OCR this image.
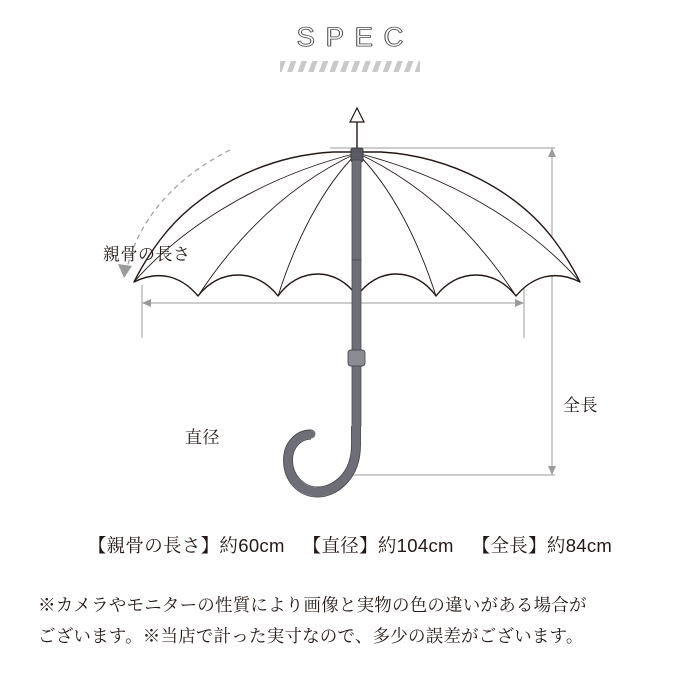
SPEC
親骨の長さ
直径
全長
【親骨の長さ】約60cm 【直径】約104cm 【全長】約84cm
※カメラやモニターの性質により画像と実物の色の違いがある場合が
ございます。※当店で計った実寸なので、多少の誤差がございます。
